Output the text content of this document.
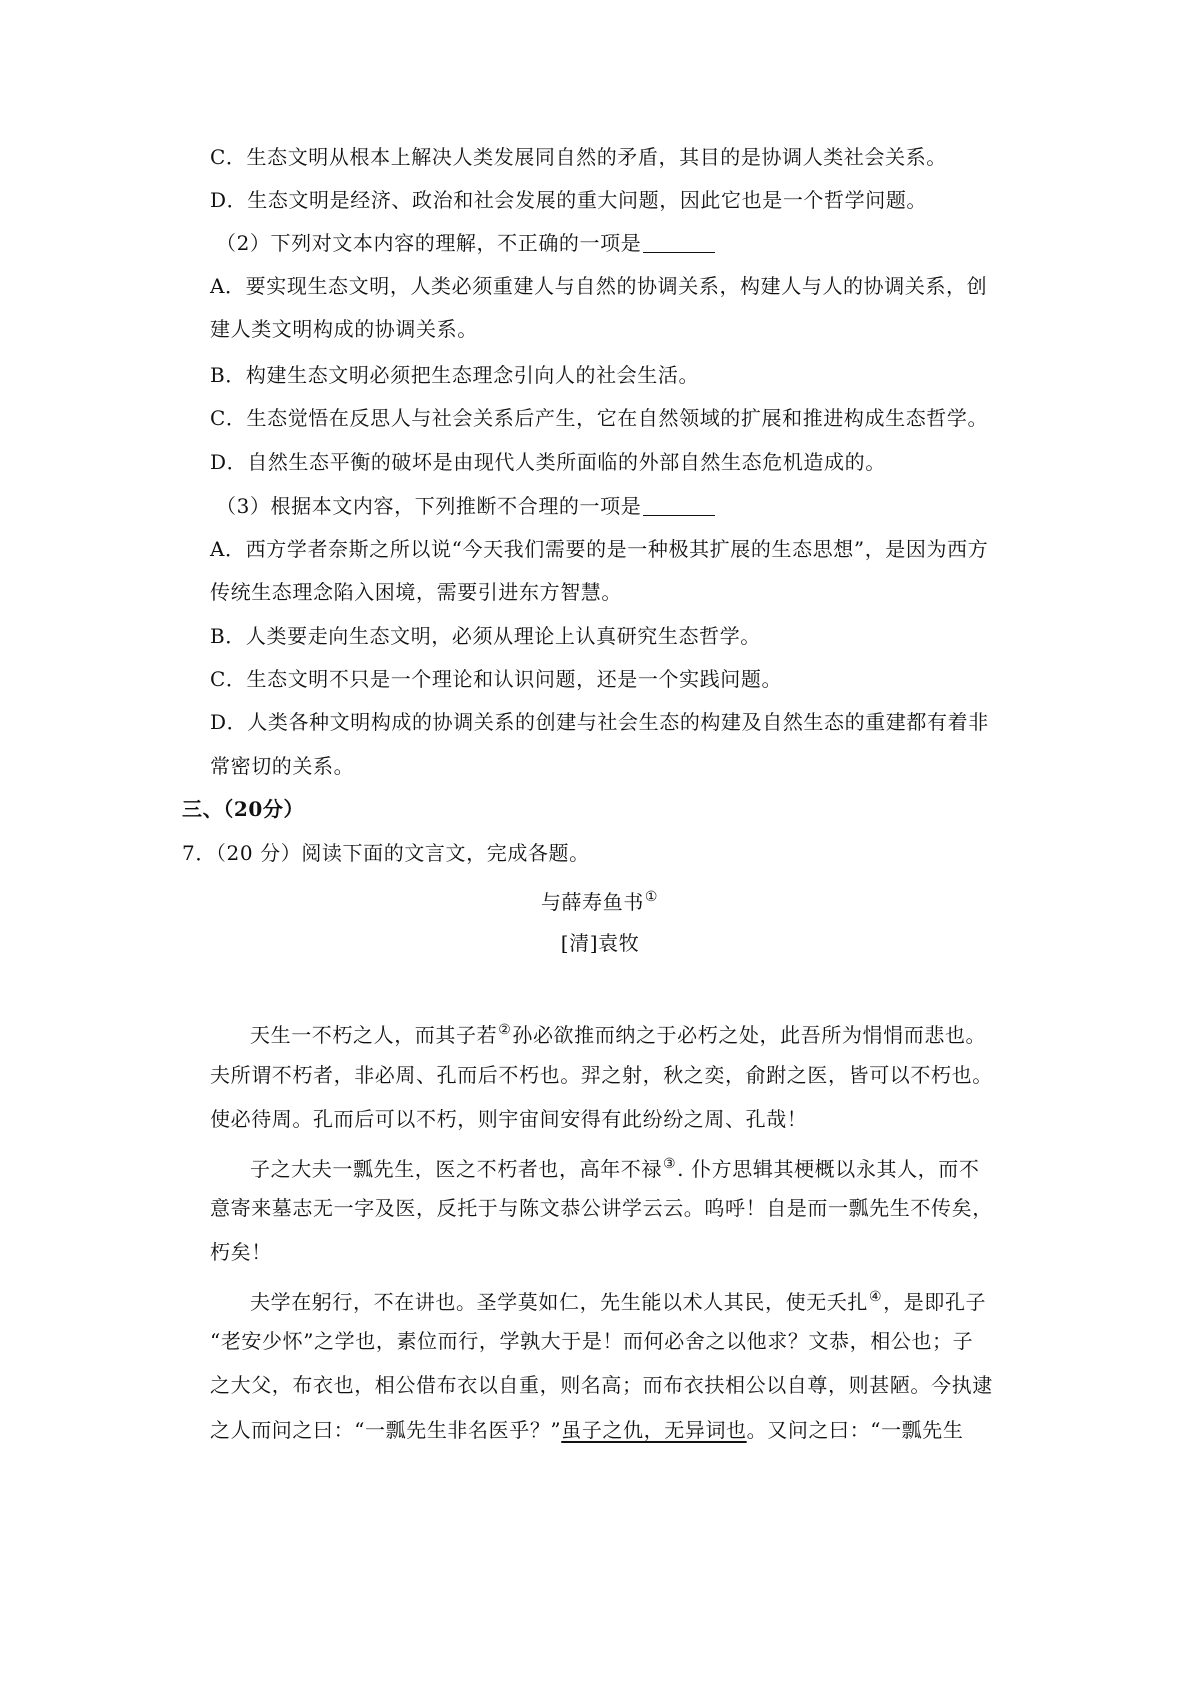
C．生态文明从根本上解决人类发展同自然的矛盾，其目的是协调人类社会关系。
D．生态文明是经济、政治和社会发展的重大问题，因此它也是一个哲学问题。
（2）下列对文本内容的理解，不正确的一项是
A．要实现生态文明，人类必须重建人与自然的协调关系，构建人与人的协调关系，创
建人类文明构成的协调关系。
B．构建生态文明必须把生态理念引向人的社会生活。
C．生态觉悟在反思人与社会关系后产生，它在自然领域的扩展和推进构成生态哲学。
D．自然生态平衡的破坏是由现代人类所面临的外部自然生态危机造成的。
（3）根据本文内容，下列推断不合理的一项是
A．西方学者奈斯之所以说“今天我们需要的是一种极其扩展的生态思想”，是因为西方
传统生态理念陷入困境，需要引进东方智慧。
B．人类要走向生态文明，必须从理论上认真研究生态哲学。
C．生态文明不只是一个理论和认识问题，还是一个实践问题。
D．人类各种文明构成的协调关系的创建与社会生态的构建及自然生态的重建都有着非
常密切的关系。
三、（20分）
7．（20 分）阅读下面的文言文，完成各题。
与薛寿鱼书①
[清]袁牧
天生一不朽之人，而其子若②孙必欲推而纳之于必朽之处，此吾所为悁悁而悲也。
夫所谓不朽者，非必周、孔而后不朽也。羿之射，秋之奕，俞跗之医，皆可以不朽也。
使必待周。孔而后可以不朽，则宇宙间安得有此纷纷之周、孔哉！
子之大夫一瓢先生，医之不朽者也，高年不禄③. 仆方思辑其梗概以永其人，而不
意寄来墓志无一字及医，反托于与陈文恭公讲学云云。呜呼！自是而一瓢先生不传矣，
朽矣！
夫学在躬行，不在讲也。圣学莫如仁，先生能以术人其民，使无夭扎④，是即孔子
“老安少怀”之学也，素位而行，学孰大于是！而何必舍之以他求？文恭，相公也；子
之大父，布衣也，相公借布衣以自重，则名高；而布衣扶相公以自尊，则甚陋。今执逮
之人而问之曰：“一瓢先生非名医乎？”虽子之仇，无异词也。又问之曰：“一瓢先生
